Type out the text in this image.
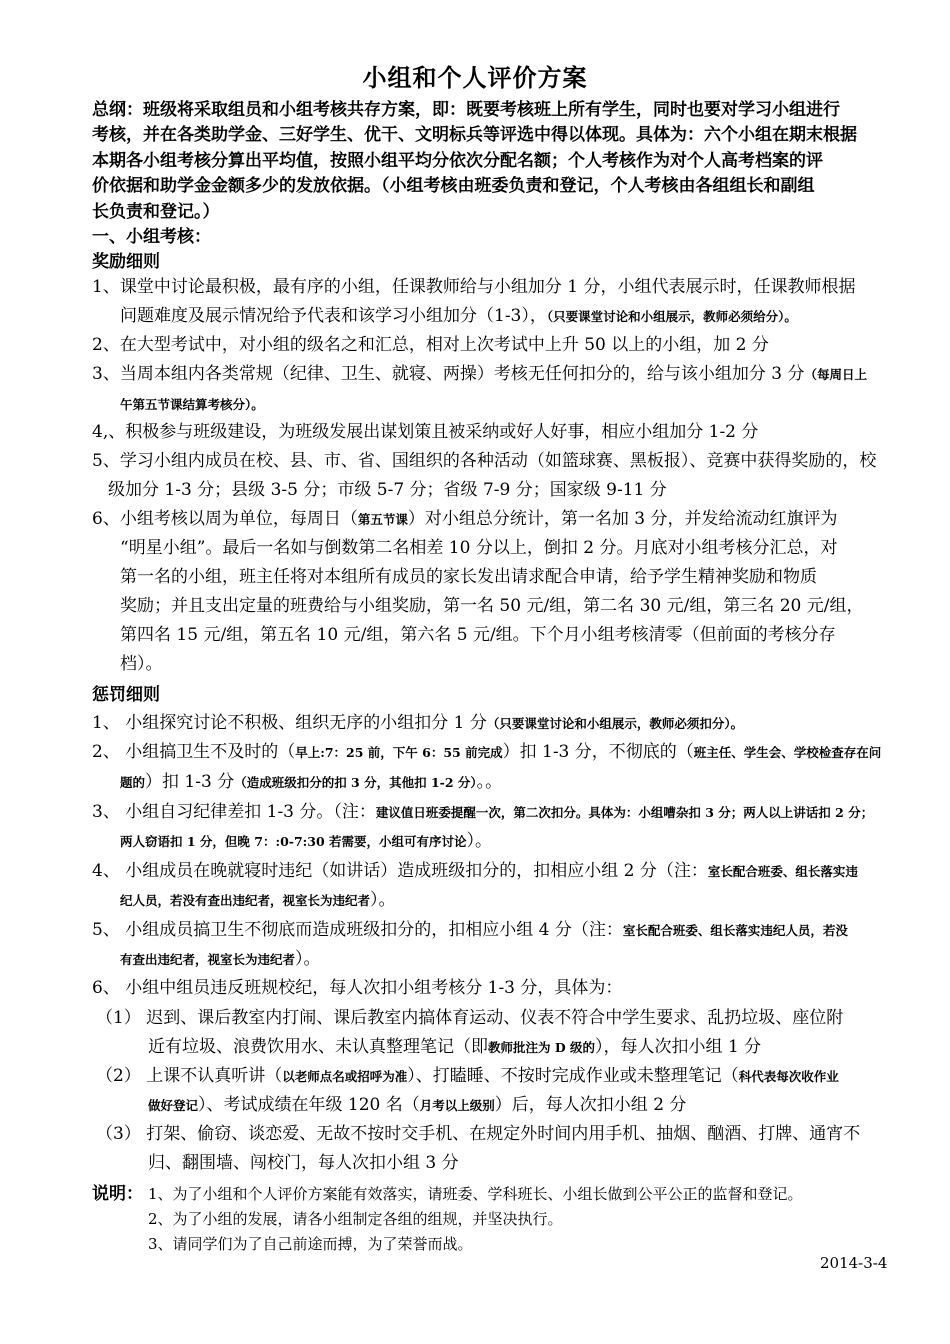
小组和个人评价方案
总纲：班级将采取组员和小组考核共存方案，即：既要考核班上所有学生，同时也要对学习小组进行
考核，并在各类助学金、三好学生、优干、文明标兵等评选中得以体现。具体为：六个小组在期末根据
本期各小组考核分算出平均值，按照小组平均分依次分配名额；个人考核作为对个人高考档案的评
价依据和助学金金额多少的发放依据。（小组考核由班委负责和登记，个人考核由各组组长和副组
长负责和登记。）
一、小组考核：
奖励细则
1、课堂中讨论最积极，最有序的小组，任课教师给与小组加分 1 分，小组代表展示时，任课教师根据
问题难度及展示情况给予代表和该学习小组加分（1-3），（只要课堂讨论和小组展示，教师必须给分）。
2、在大型考试中，对小组的级名之和汇总，相对上次考试中上升 50 以上的小组，加 2 分
3、当周本组内各类常规（纪律、卫生、就寝、两操）考核无任何扣分的，给与该小组加分 3 分（每周日上
午第五节课结算考核分）。
4,、积极参与班级建设，为班级发展出谋划策且被采纳或好人好事，相应小组加分 1-2 分
5、学习小组内成员在校、县、市、省、国组织的各种活动（如篮球赛、黑板报）、竞赛中获得奖励的，校
级加分 1-3 分；县级 3-5 分；市级 5-7 分；省级 7-9 分；国家级 9-11 分
6、小组考核以周为单位，每周日（第五节课）对小组总分统计，第一名加 3 分，并发给流动红旗评为
“明星小组”。最后一名如与倒数第二名相差 10 分以上，倒扣 2 分。月底对小组考核分汇总，对
第一名的小组，班主任将对本组所有成员的家长发出请求配合申请，给予学生精神奖励和物质
奖励；并且支出定量的班费给与小组奖励，第一名 50 元/组，第二名 30 元/组，第三名 20 元/组，
第四名 15 元/组，第五名 10 元/组，第六名 5 元/组。下个月小组考核清零（但前面的考核分存
档）。
惩罚细则
1、 小组探究讨论不积极、组织无序的小组扣分 1 分（只要课堂讨论和小组展示，教师必须扣分）。
2、 小组搞卫生不及时的（早上:7：25 前，下午 6：55 前完成）扣 1-3 分，不彻底的（班主任、学生会、学校检查存在问
题的）扣 1-3 分（造成班级扣分的扣 3 分，其他扣 1-2 分）。。
3、 小组自习纪律差扣 1-3 分。（注：建议值日班委提醒一次，第二次扣分。具体为：小组嘈杂扣 3 分；两人以上讲话扣 2 分；
两人窃语扣 1 分，但晚 7：:0-7:30 若需要，小组可有序讨论）。
4、 小组成员在晚就寝时违纪（如讲话）造成班级扣分的，扣相应小组 2 分（注：室长配合班委、组长落实违
纪人员，若没有查出违纪者，视室长为违纪者）。
5、 小组成员搞卫生不彻底而造成班级扣分的，扣相应小组 4 分（注：室长配合班委、组长落实违纪人员，若没
有查出违纪者，视室长为违纪者）。
6、 小组中组员违反班规校纪，每人次扣小组考核分 1-3 分，具体为：
（1） 迟到、课后教室内打闹、课后教室内搞体育运动、仪表不符合中学生要求、乱扔垃圾、座位附
近有垃圾、浪费饮用水、未认真整理笔记（即教师批注为 D 级的），每人次扣小组 1 分
（2） 上课不认真听讲（以老师点名或招呼为准）、打瞌睡、不按时完成作业或未整理笔记（科代表每次收作业
做好登记）、考试成绩在年级 120 名（月考以上级别）后，每人次扣小组 2 分
（3） 打架、偷窃、谈恋爱、无故不按时交手机、在规定外时间内用手机、抽烟、酗酒、打牌、通宵不
归、翻围墙、闯校门，每人次扣小组 3 分
说明： 1、为了小组和个人评价方案能有效落实，请班委、学科班长、小组长做到公平公正的监督和登记。
2、为了小组的发展，请各小组制定各组的组规，并坚决执行。
3、请同学们为了自己前途而搏，为了荣誉而战。
2014-3-4
